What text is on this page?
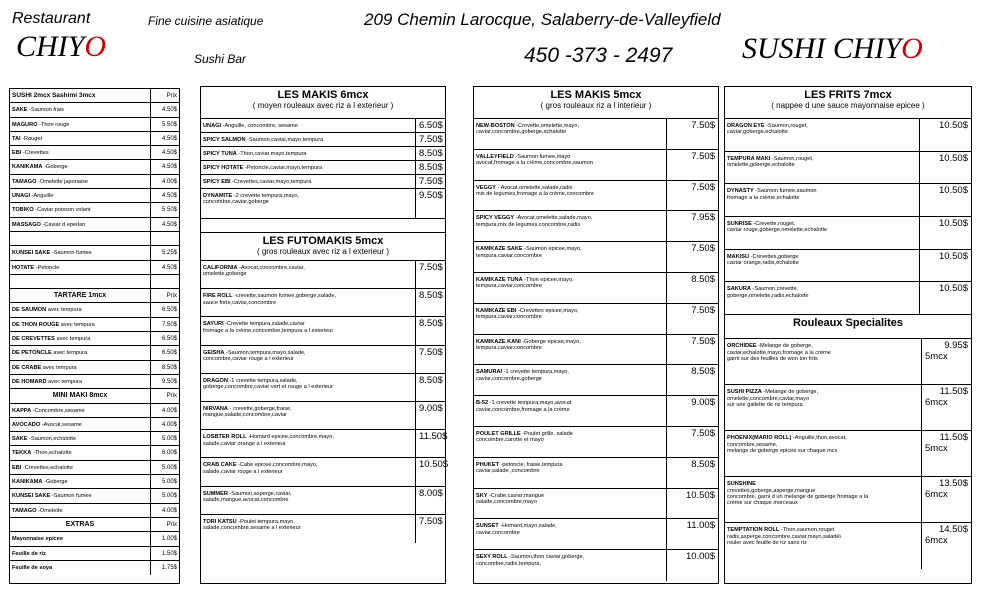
Restaurant	Fine cuisine asiatique	209 Chemin Larocque, Salaberry-de-Valleyfield
CHIYO	Sushi Bar	450 -373 - 2497 SUSHI CHIYO
SUSHI 2mcx Sashimi 3mcx	Prix
SAKE -Saumon frais	4.50$
MAGURO -Thon rouge	5.50$
TAI -Rouget	4.50$
EBI -Crevettes	4.50$
KANIKAMA -Goberge	4.50$
TAMAGO -Omelette japonaise	4.00$
UNAGI -Anguille	4.50$
TOBIKO -Caviar poisson volant	5.50$
MASSAGO -Caviar d eperlan	4.50$
KUNSEI SAKE -Saumon fumee	5.25$
HOTATE -Petoncle	4.50$
TARTARE 1mcx	Prix
DE SAUMON avec tempura	6.50$
DE THON ROUGE avec tempura	7.50$
DE CREVETTES avec tempura	6.50$
DE PETONCLE avec tempura	6.50$
DE CRABE avec tempura	8.50$
DE HOMARD avec tempura	9.50$
MINI MAKI 8mcx	Prix
KAPPA -Concombre,sesame	4.00$
AVOCADO -Avocat,sesame	4.00$
SAKE -Saumon,echalotte	5.00$
TEKKA -Thon,echalotte	6.00$
EBI -Crevettes,echalotte	5.00$
KANIKAMA -Goberge	5.00$
KUNSEI SAKE -Saumon fumee	5.00$
TAMAGO -Omelette	4.00$
EXTRAS	Prix
Mayonnaise epicee	1.00$
Feuille de riz	1.50$
Feuille de soya	1.75$
LES MAKIS 6mcx
( moyen rouleaux avec riz a l exterieur )
UNAGI -Anguille, concombre, sesame	6.50$
SPICY SALMON -Saumon,caviar,mayo,tempura	7.50$
SPICY TUNA -Thon,caviar,mayo,tempura	8.50$
SPICY HOTATE -Petoncle,caviar,mayo,tempura	8.50$
SPICY EBI -Crevettes,caviar,mayo,tempura	7.50$
DYNAMITE -2 crevette tempura,mayo,
concombre,caviar,goberge
9.50$
LES FUTOMAKIS 5mcx
( gros rouleaux avec riz a l exterieur )
CALIFORNIA -Avocat,concombre,caviar,
omelette,goberge
7.50$
FIRE ROLL -crevette,saumon fumee,goberge,salade,
sauce forte,caviar,concombre
8.50$
SAYURI -Crevette tempura,salade,caviar
fromage a la crème,concombre,tempura a l exterieur
8.50$
GEISHA -Saumon,tempura,mayo,salade,
concombre,caviar rouge a l exterieur
7.50$
DRAGON -1 crevette tempura,salade,
goberge,concombre,caviar vert et rouge a l exterieur
8.50$
NIRVANA - crevette,goberge,fraise,
mangue,salade,concombre,caviar
9.00$
LOSBTER ROLL -Homard epicee,concombre,mayo,
salade,caviar orange a l exterieur
11.50$
CRAB CAKE -Cabe epicee,concombre,mayo,
salade,caviar rouge a l exterieur
10.50$
SUMMER -Saumon,asperge,caviar,
salade,mangue,avocat,concombre
8.00$
TORI KATSU -Poulet tempura,mayo
salade,concombre,sesame a l exterieur
7.50$
LES MAKIS 5mcx
( gros rouleaux riz a l interieur )
NEW-BOSTON -Crevette,omelette,mayo,
caviar,concombre,goberge,echalotte
7.50$
VALLEYFIELD -Saumon fumee,mayo
avocat,fromage a la crème,concombre,saumon
7.50$
VEGGY - Avocat,omelette,salade,radis
mix de legumes,fromage a la crème,concombre
7.50$
SPICY VEGGY -Avocat,omelette,salade,mayo,
tempura,mix de legumes,concombre,radis
7.95$
KAMIKAZE SAKE -Saumon epicee,mayo,
tempura,caviar,concombre
7.50$
KAMIKAZE TUNA -Thon epicee,mayo,
tempura,caviar,concombre
8.50$
KAMIKAZE EBI -Crevettes epicee,mayo,
tempura,caviar,concombre
7.50$
KAMIKAZE KANI -Goberge epicee,mayo,
tempura,caviar,concombre
7.50$
SAMURAI -1 crevette tempura,mayo,
caviar,concombre,goberge
8.50$
B-52 -1 crevette tempura,mayo,avocat
caviar,concombre,fromage a la crème
9.00$
POULET GRILLE -Poulet grille, salade
concombre,carotte et mayo
7.50$
PHUKET -petoncle, fraise,tempura
caviar,salade ,concombre
8.50$
SKY -Crabe,caviar,mangue
salade,concombre,mayo
10.50$
SUNSET -Homard,mayo,salade,
caviar,concombre
11.00$
SEXY ROLL -Saumon,thon caviar,goberge,
concombre,radis,tempura,
10.00$
LES FRITS 7mcx
( nappee d une sauce mayonnaise epicee )
DRAGON EYE -Saumon,rouget,
caviar,goberge,echalotte
10.50$
TEMPURA MAKI -Saumon,rouget,
omelette,goberge,echalotte
10.50$
DYNASTY -Saumon fumee,saumon
fromage a la crème,echalotte
10.50$
SUNRISE -Crevette,rouget,
caviar rouge,goberge,omelette,echalotte
10.50$
MAKISU -Crevettes,goberge
caviar orange,radis,echalotte
10.50$
SAKURA -Saumon,crevette,
goberge,omelette,radis,echalotte
10.50$
Rouleaux Specialites
ORCHIDEE -Melange de goberge,
caviar,echalotte,mayo,fromage a la crème
garni sur des feuilles de won ton frits
9.95$
5mcx
SUSHI PIZZA -Melange de goberge,
omelette,concombre,caviar,mayo
sur une gallette de riz tempura
11.50$
6mcx
PHOENIX(MARIO ROLL) -Anguille,thon,avocat,
concombre,sesame,
melange de goberge epicee sur chaque mcx
11.50$
5mcx
SUNSHINE
crevettes,goberge,asperge,mangue
concombre, garni d un melange de goberge fromage a la
crème sur chaque morceaux
13.50$
6mcx
TEMPTATION ROLL -Thon,saumon,rouget
radis,asperge,concombre,caviar,mayo,salade\
rouler avec feuille de riz sans riz
14.50$
6mcx
